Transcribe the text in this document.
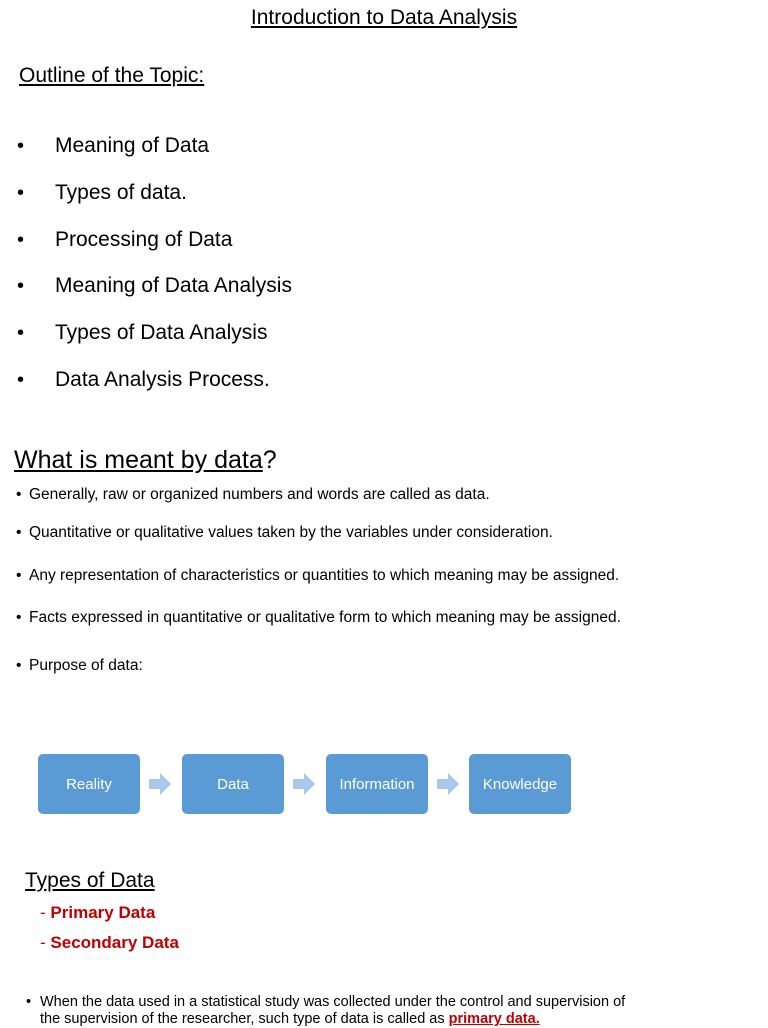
Introduction to Data Analysis
Outline of the Topic:
• Meaning of Data
• Types of data.
• Processing of Data
• Meaning of Data Analysis
• Types of Data Analysis
• Data Analysis Process.
What is meant by data?
• Generally, raw or organized numbers and words are called as data.
• Quantitative or qualitative values taken by the variables under consideration.
• Any representation of characteristics or quantities to which meaning may be assigned.
• Facts expressed in quantitative or qualitative form to which meaning may be assigned.
• Purpose of data:
Reality	Data	Information	Knowledge
Types of Data
- Primary Data
- Secondary Data
• When the data used in a statistical study was collected under the control and supervision of
the supervision of the researcher, such type of data is called as primary data.
